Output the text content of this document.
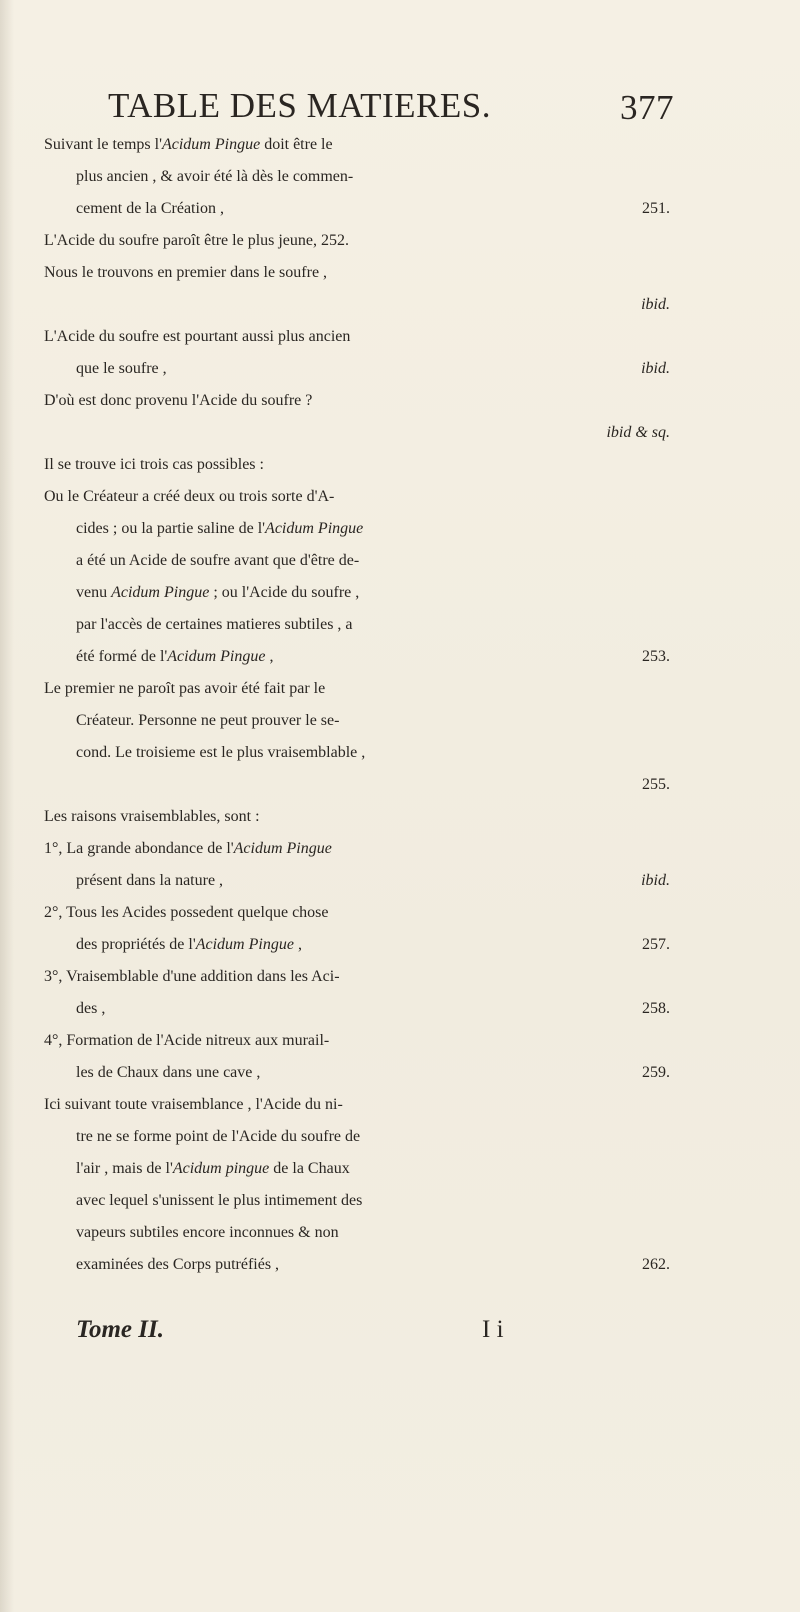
TABLE DES MATIERES.	377
Suivant le temps l'Acidum Pingue doit être le
plus ancien , & avoir été là dès le commen-
cement de la Création ,	251.
L'Acide du soufre paroît être le plus jeune, 252.
Nous le trouvons en premier dans le soufre ,
ibid.
L'Acide du soufre est pourtant aussi plus ancien
que le soufre ,	ibid.
D'où est donc provenu l'Acide du soufre ?
ibid & sq.
Il se trouve ici trois cas possibles :
Ou le Créateur a créé deux ou trois sorte d'A-
cides ; ou la partie saline de l'Acidum Pingue
a été un Acide de soufre avant que d'être de-
venu Acidum Pingue ; ou l'Acide du soufre ,
par l'accès de certaines matieres subtiles , a
été formé de l'Acidum Pingue ,	253.
Le premier ne paroît pas avoir été fait par le
Créateur. Personne ne peut prouver le se-
cond. Le troisieme est le plus vraisemblable ,
255.
Les raisons vraisemblables, sont :
1°, La grande abondance de l'Acidum Pingue
présent dans la nature ,	ibid.
2°, Tous les Acides possedent quelque chose
des propriétés de l'Acidum Pingue ,	257.
3°, Vraisemblable d'une addition dans les Aci-
des ,	258.
4°, Formation de l'Acide nitreux aux murail-
les de Chaux dans une cave ,	259.
Ici suivant toute vraisemblance , l'Acide du ni-
tre ne se forme point de l'Acide du soufre de
l'air , mais de l'Acidum pingue de la Chaux
avec lequel s'unissent le plus intimement des
vapeurs subtiles encore inconnues & non
examinées des Corps putréfiés ,	262.
Tome II.	I i
